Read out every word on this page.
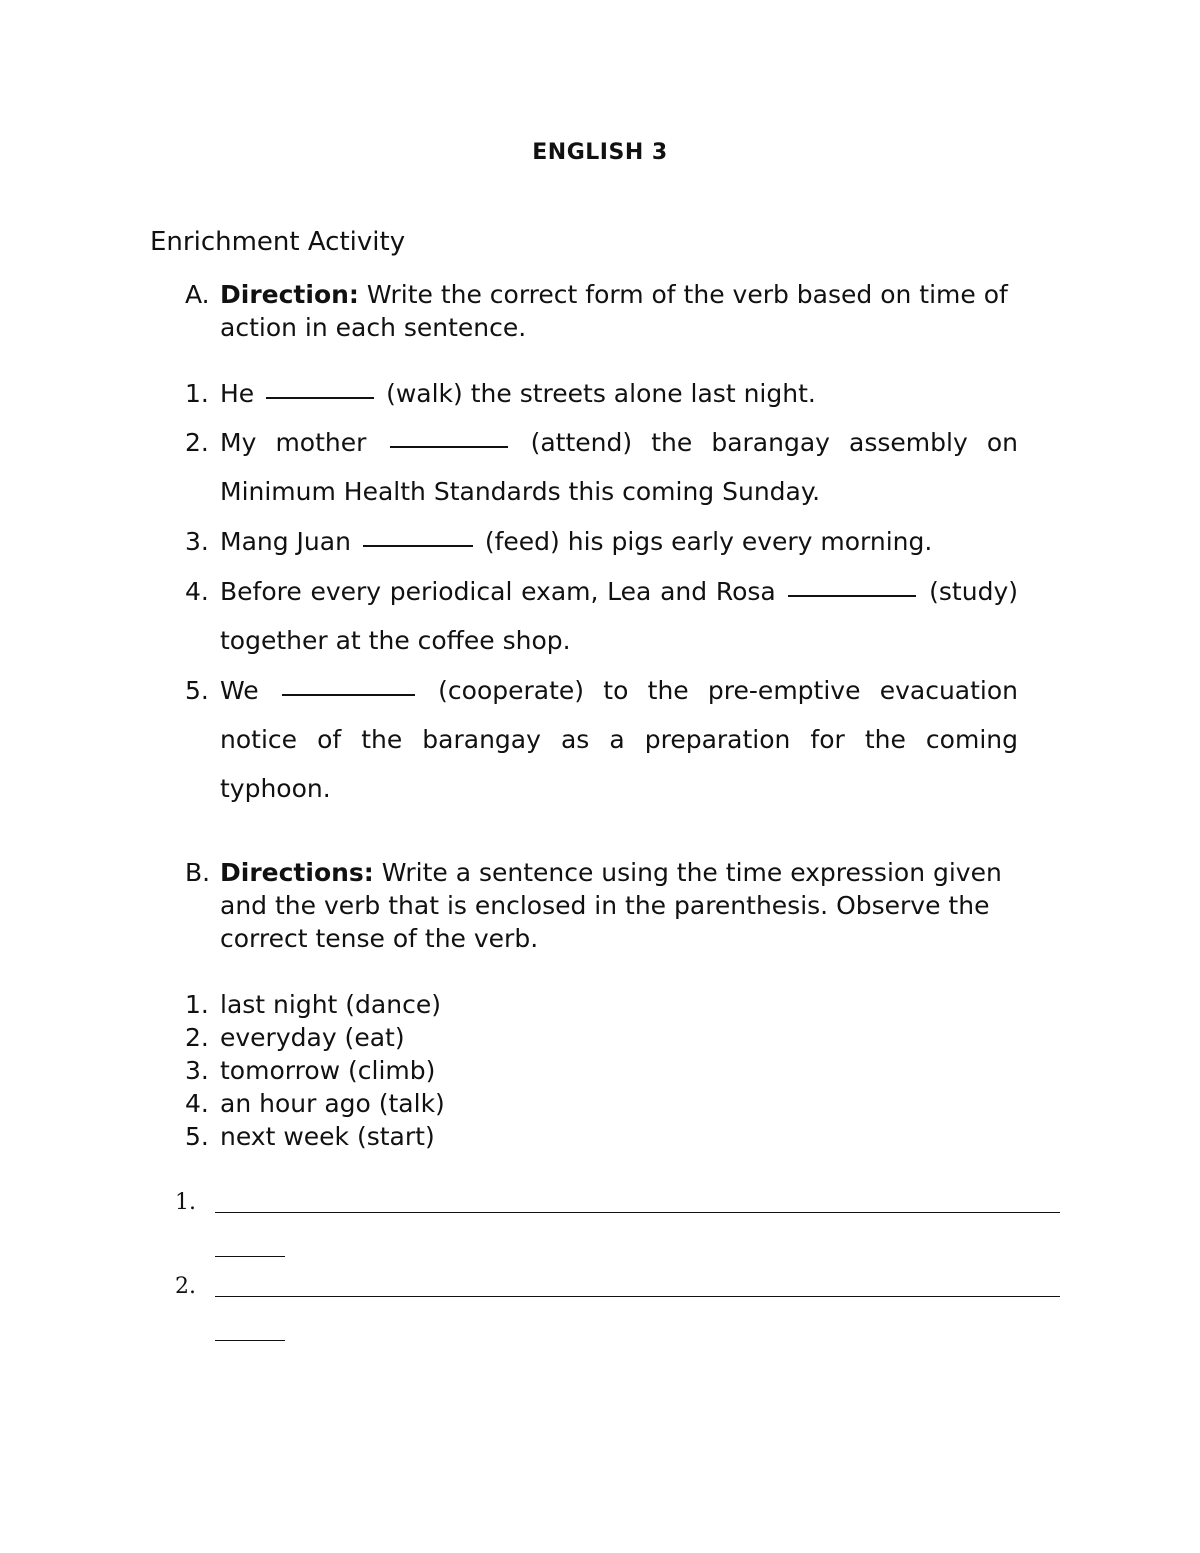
ENGLISH 3
Enrichment Activity
A. Direction: Write the correct form of the verb based on time of action in each sentence.
1. He	(walk) the streets alone last night.
2. My mother	(attend) the barangay assembly on Minimum Health Standards this coming Sunday.
3. Mang Juan	(feed) his pigs early every morning.
4. Before every periodical exam, Lea and Rosa	(study) together at the coffee shop.
5. We	(cooperate) to the pre-emptive evacuation notice of the barangay as a preparation for the coming typhoon.
B. Directions: Write a sentence using the time expression given and the verb that is enclosed in the parenthesis. Observe the correct tense of the verb.
1. last night (dance)
2. everyday (eat)
3. tomorrow (climb)
4. an hour ago (talk)
5. next week (start)
1.
2.
